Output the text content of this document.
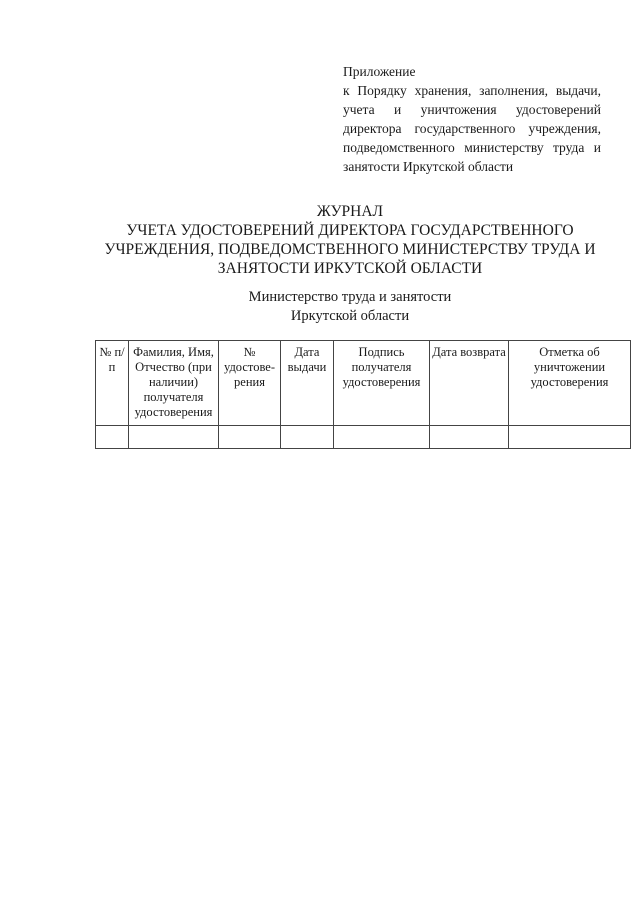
Приложение
к Порядку хранения, заполнения, выдачи, учета и уничтожения удостоверений директора государственного учреждения, подведомственного министерству труда и занятости Иркутской области
ЖУРНАЛ
УЧЕТА УДОСТОВЕРЕНИЙ ДИРЕКТОРА ГОСУДАРСТВЕННОГО
УЧРЕЖДЕНИЯ, ПОДВЕДОМСТВЕННОГО МИНИСТЕРСТВУ ТРУДА И
ЗАНЯТОСТИ ИРКУТСКОЙ ОБЛАСТИ
Министерство труда и занятости
Иркутской области
№ п/п	Фамилия, Имя, Отчество (при наличии) получателя удостоверения	№ удостове-рения	Дата выдачи	Подпись получателя удостоверения	Дата возврата	Отметка об уничтожении удостоверения
